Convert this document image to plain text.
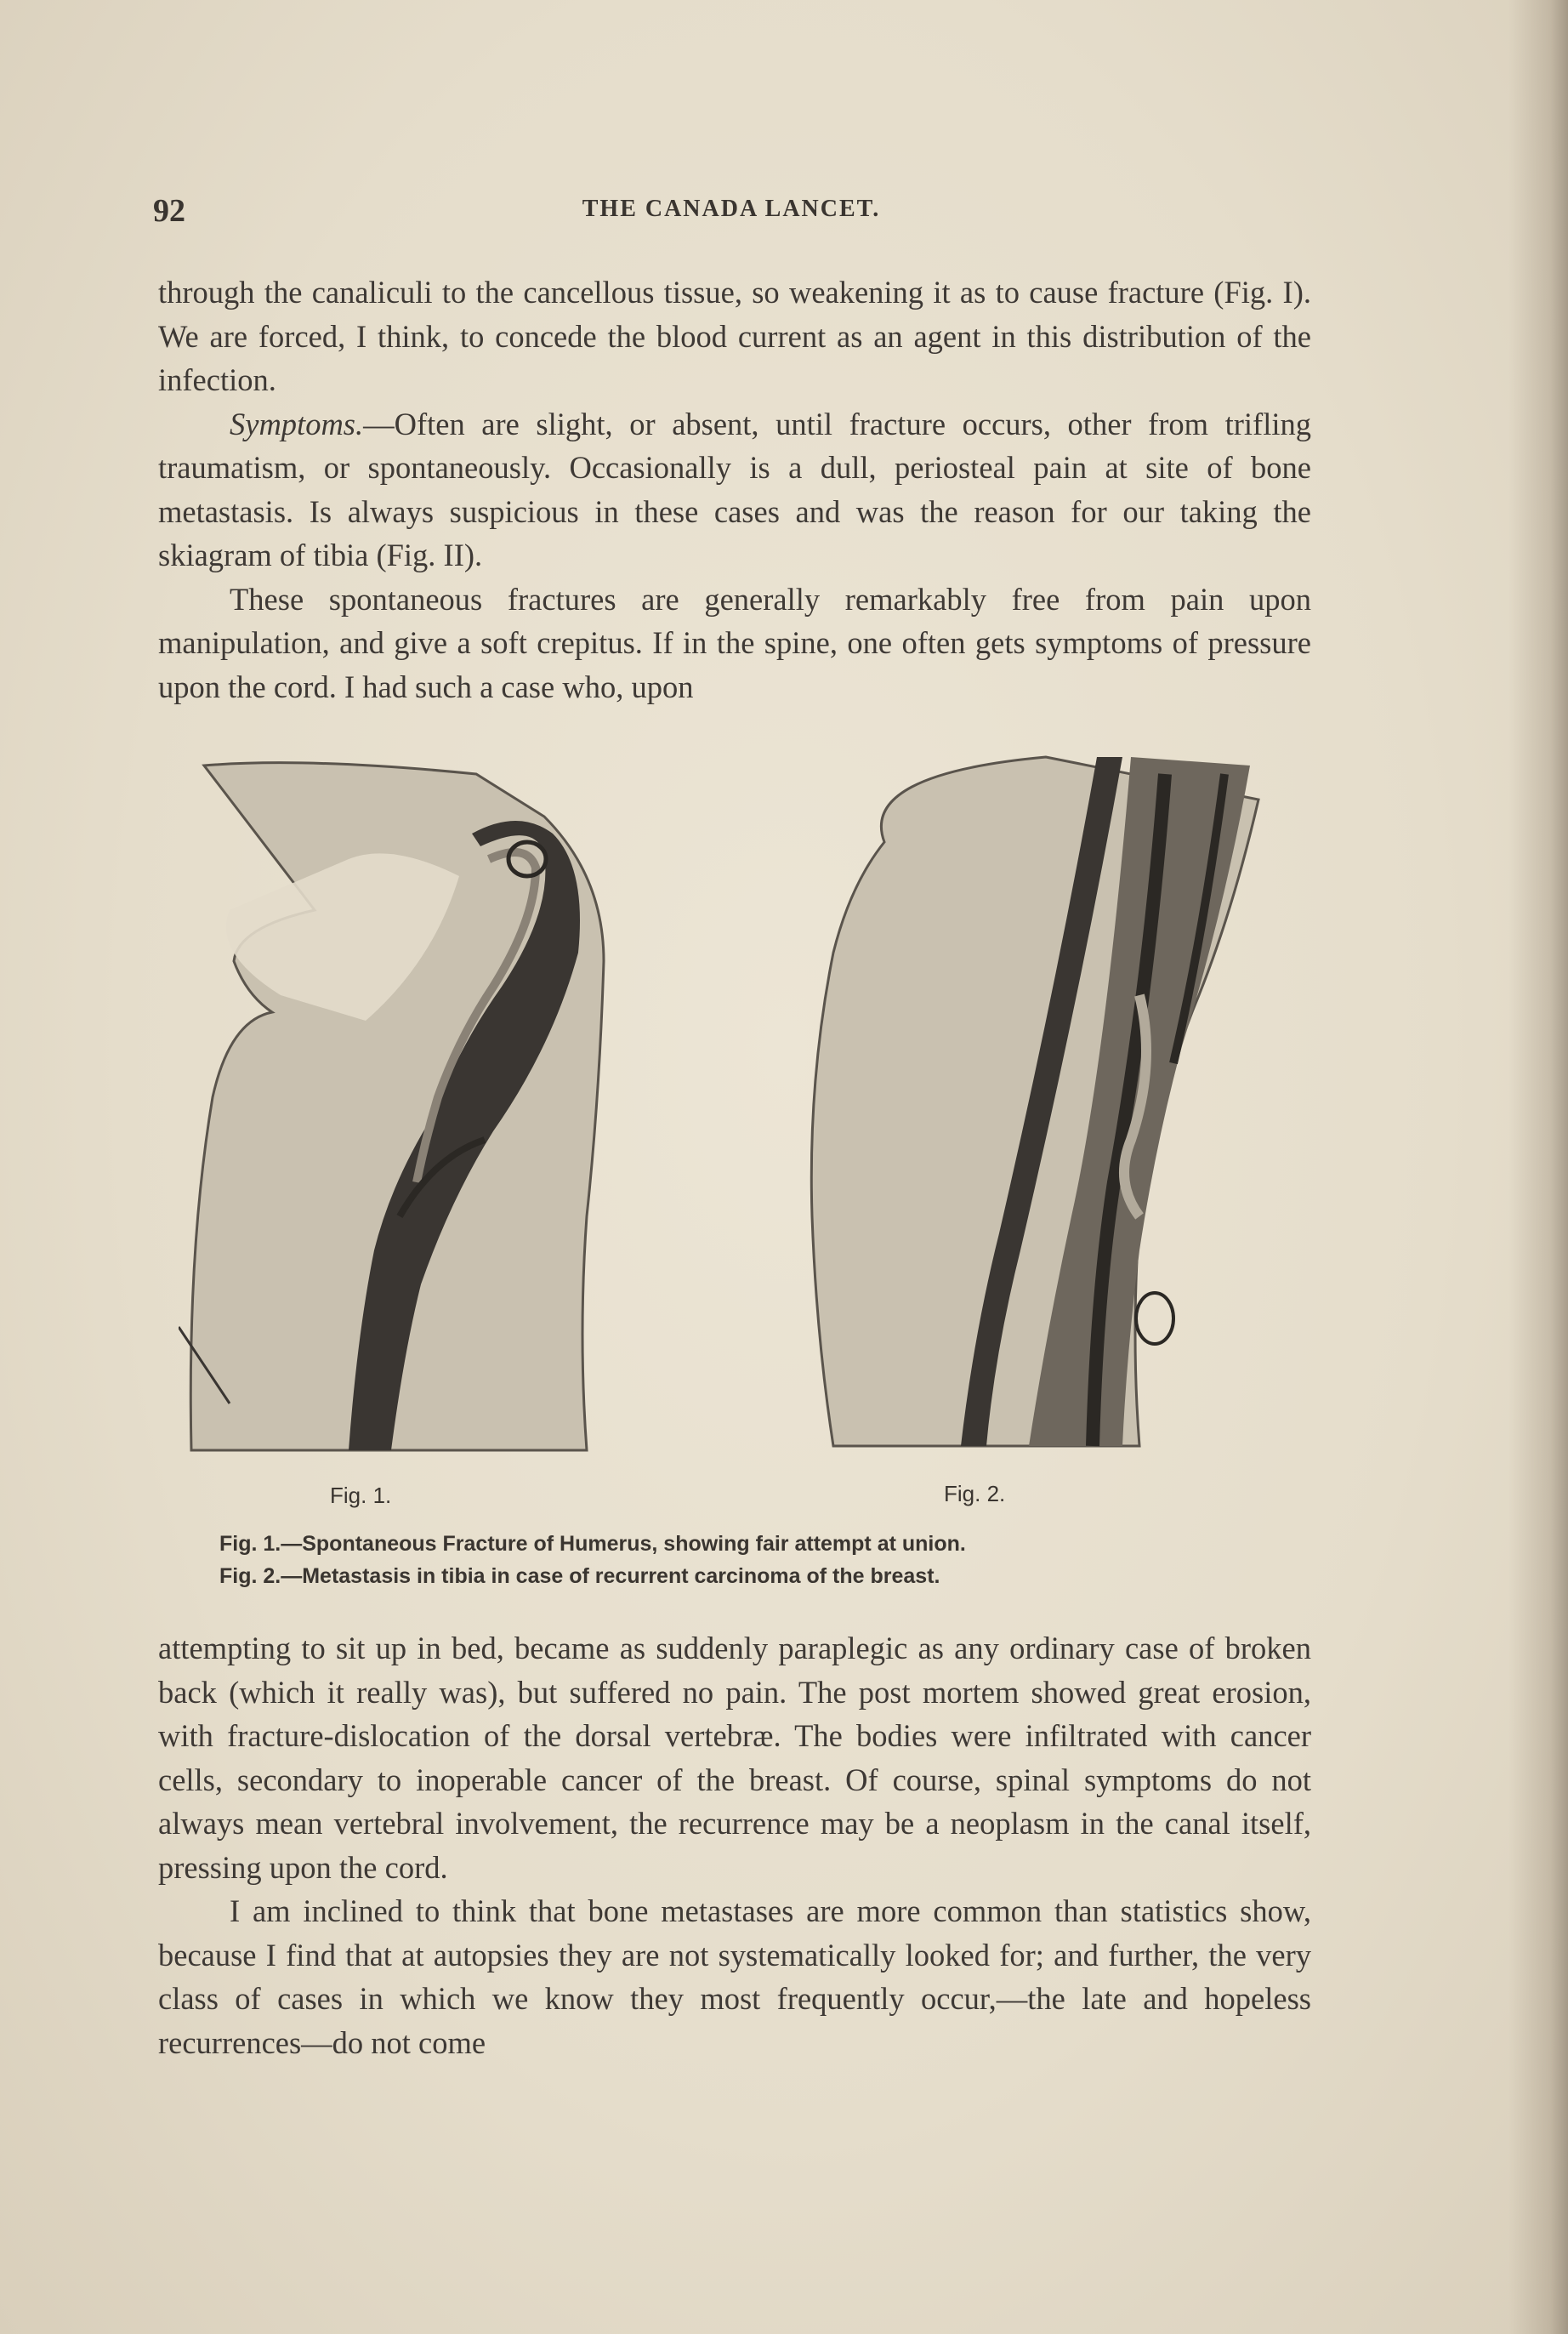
92	THE CANADA LANCET.

through the canaliculi to the cancellous tissue, so weakening it as to cause fracture (Fig. I). We are forced, I think, to concede the blood current as an agent in this distribution of the infection.

Symptoms.—Often are slight, or absent, until fracture occurs, other from trifling traumatism, or spontaneously. Occasionally is a dull, periosteal pain at site of bone metastasis. Is always suspicious in these cases and was the reason for our taking the skiagram of tibia (Fig. II).

These spontaneous fractures are generally remarkably free from pain upon manipulation, and give a soft crepitus. If in the spine, one often gets symptoms of pressure upon the cord. I had such a case who, upon

Fig. 1.	Fig. 2.
Fig. 1.—Spontaneous Fracture of Humerus, showing fair attempt at union.
Fig. 2.—Metastasis in tibia in case of recurrent carcinoma of the breast.

attempting to sit up in bed, became as suddenly paraplegic as any ordinary case of broken back (which it really was), but suffered no pain. The post mortem showed great erosion, with fracture-dislocation of the dorsal vertebræ. The bodies were infiltrated with cancer cells, secondary to inoperable cancer of the breast. Of course, spinal symptoms do not always mean vertebral involvement, the recurrence may be a neoplasm in the canal itself, pressing upon the cord.

I am inclined to think that bone metastases are more common than statistics show, because I find that at autopsies they are not systematically looked for; and further, the very class of cases in which we know they most frequently occur,—the late and hopeless recurrences—do not come
